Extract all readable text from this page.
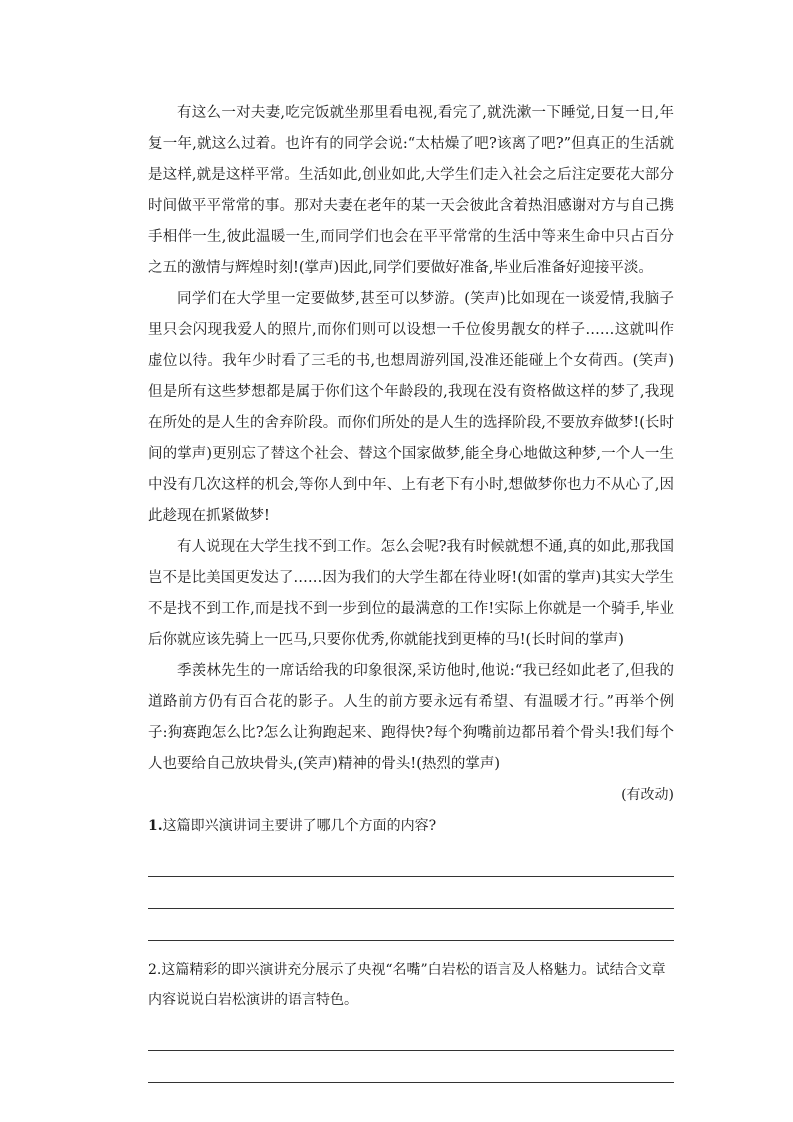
有这么一对夫妻,吃完饭就坐那里看电视,看完了,就洗漱一下睡觉,日复一日,年复一年,就这么过着。也许有的同学会说:“太枯燥了吧?该离了吧?”但真正的生活就是这样,就是这样平常。生活如此,创业如此,大学生们走入社会之后注定要花大部分时间做平平常常的事。那对夫妻在老年的某一天会彼此含着热泪感谢对方与自己携手相伴一生,彼此温暖一生,而同学们也会在平平常常的生活中等来生命中只占百分之五的激情与辉煌时刻!(掌声)因此,同学们要做好准备,毕业后准备好迎接平淡。

同学们在大学里一定要做梦,甚至可以梦游。(笑声)比如现在一谈爱情,我脑子里只会闪现我爱人的照片,而你们则可以设想一千位俊男靓女的样子……这就叫作虚位以待。我年少时看了三毛的书,也想周游列国,没准还能碰上个女荷西。(笑声)但是所有这些梦想都是属于你们这个年龄段的,我现在没有资格做这样的梦了,我现在所处的是人生的舍弃阶段。而你们所处的是人生的选择阶段,不要放弃做梦!(长时间的掌声)更别忘了替这个社会、替这个国家做梦,能全身心地做这种梦,一个人一生中没有几次这样的机会,等你人到中年、上有老下有小时,想做梦你也力不从心了,因此趁现在抓紧做梦!

有人说现在大学生找不到工作。怎么会呢?我有时候就想不通,真的如此,那我国岂不是比美国更发达了……因为我们的大学生都在待业呀!(如雷的掌声)其实大学生不是找不到工作,而是找不到一步到位的最满意的工作!实际上你就是一个骑手,毕业后你就应该先骑上一匹马,只要你优秀,你就能找到更棒的马!(长时间的掌声)

季羡林先生的一席话给我的印象很深,采访他时,他说:“我已经如此老了,但我的道路前方仍有百合花的影子。人生的前方要永远有希望、有温暖才行。”再举个例子:狗赛跑怎么比?怎么让狗跑起来、跑得快?每个狗嘴前边都吊着个骨头!我们每个人也要给自己放块骨头,(笑声)精神的骨头!(热烈的掌声)

(有改动)

1.这篇即兴演讲词主要讲了哪几个方面的内容?

2.这篇精彩的即兴演讲充分展示了央视“名嘴”白岩松的语言及人格魅力。试结合文章内容说说白岩松演讲的语言特色。
